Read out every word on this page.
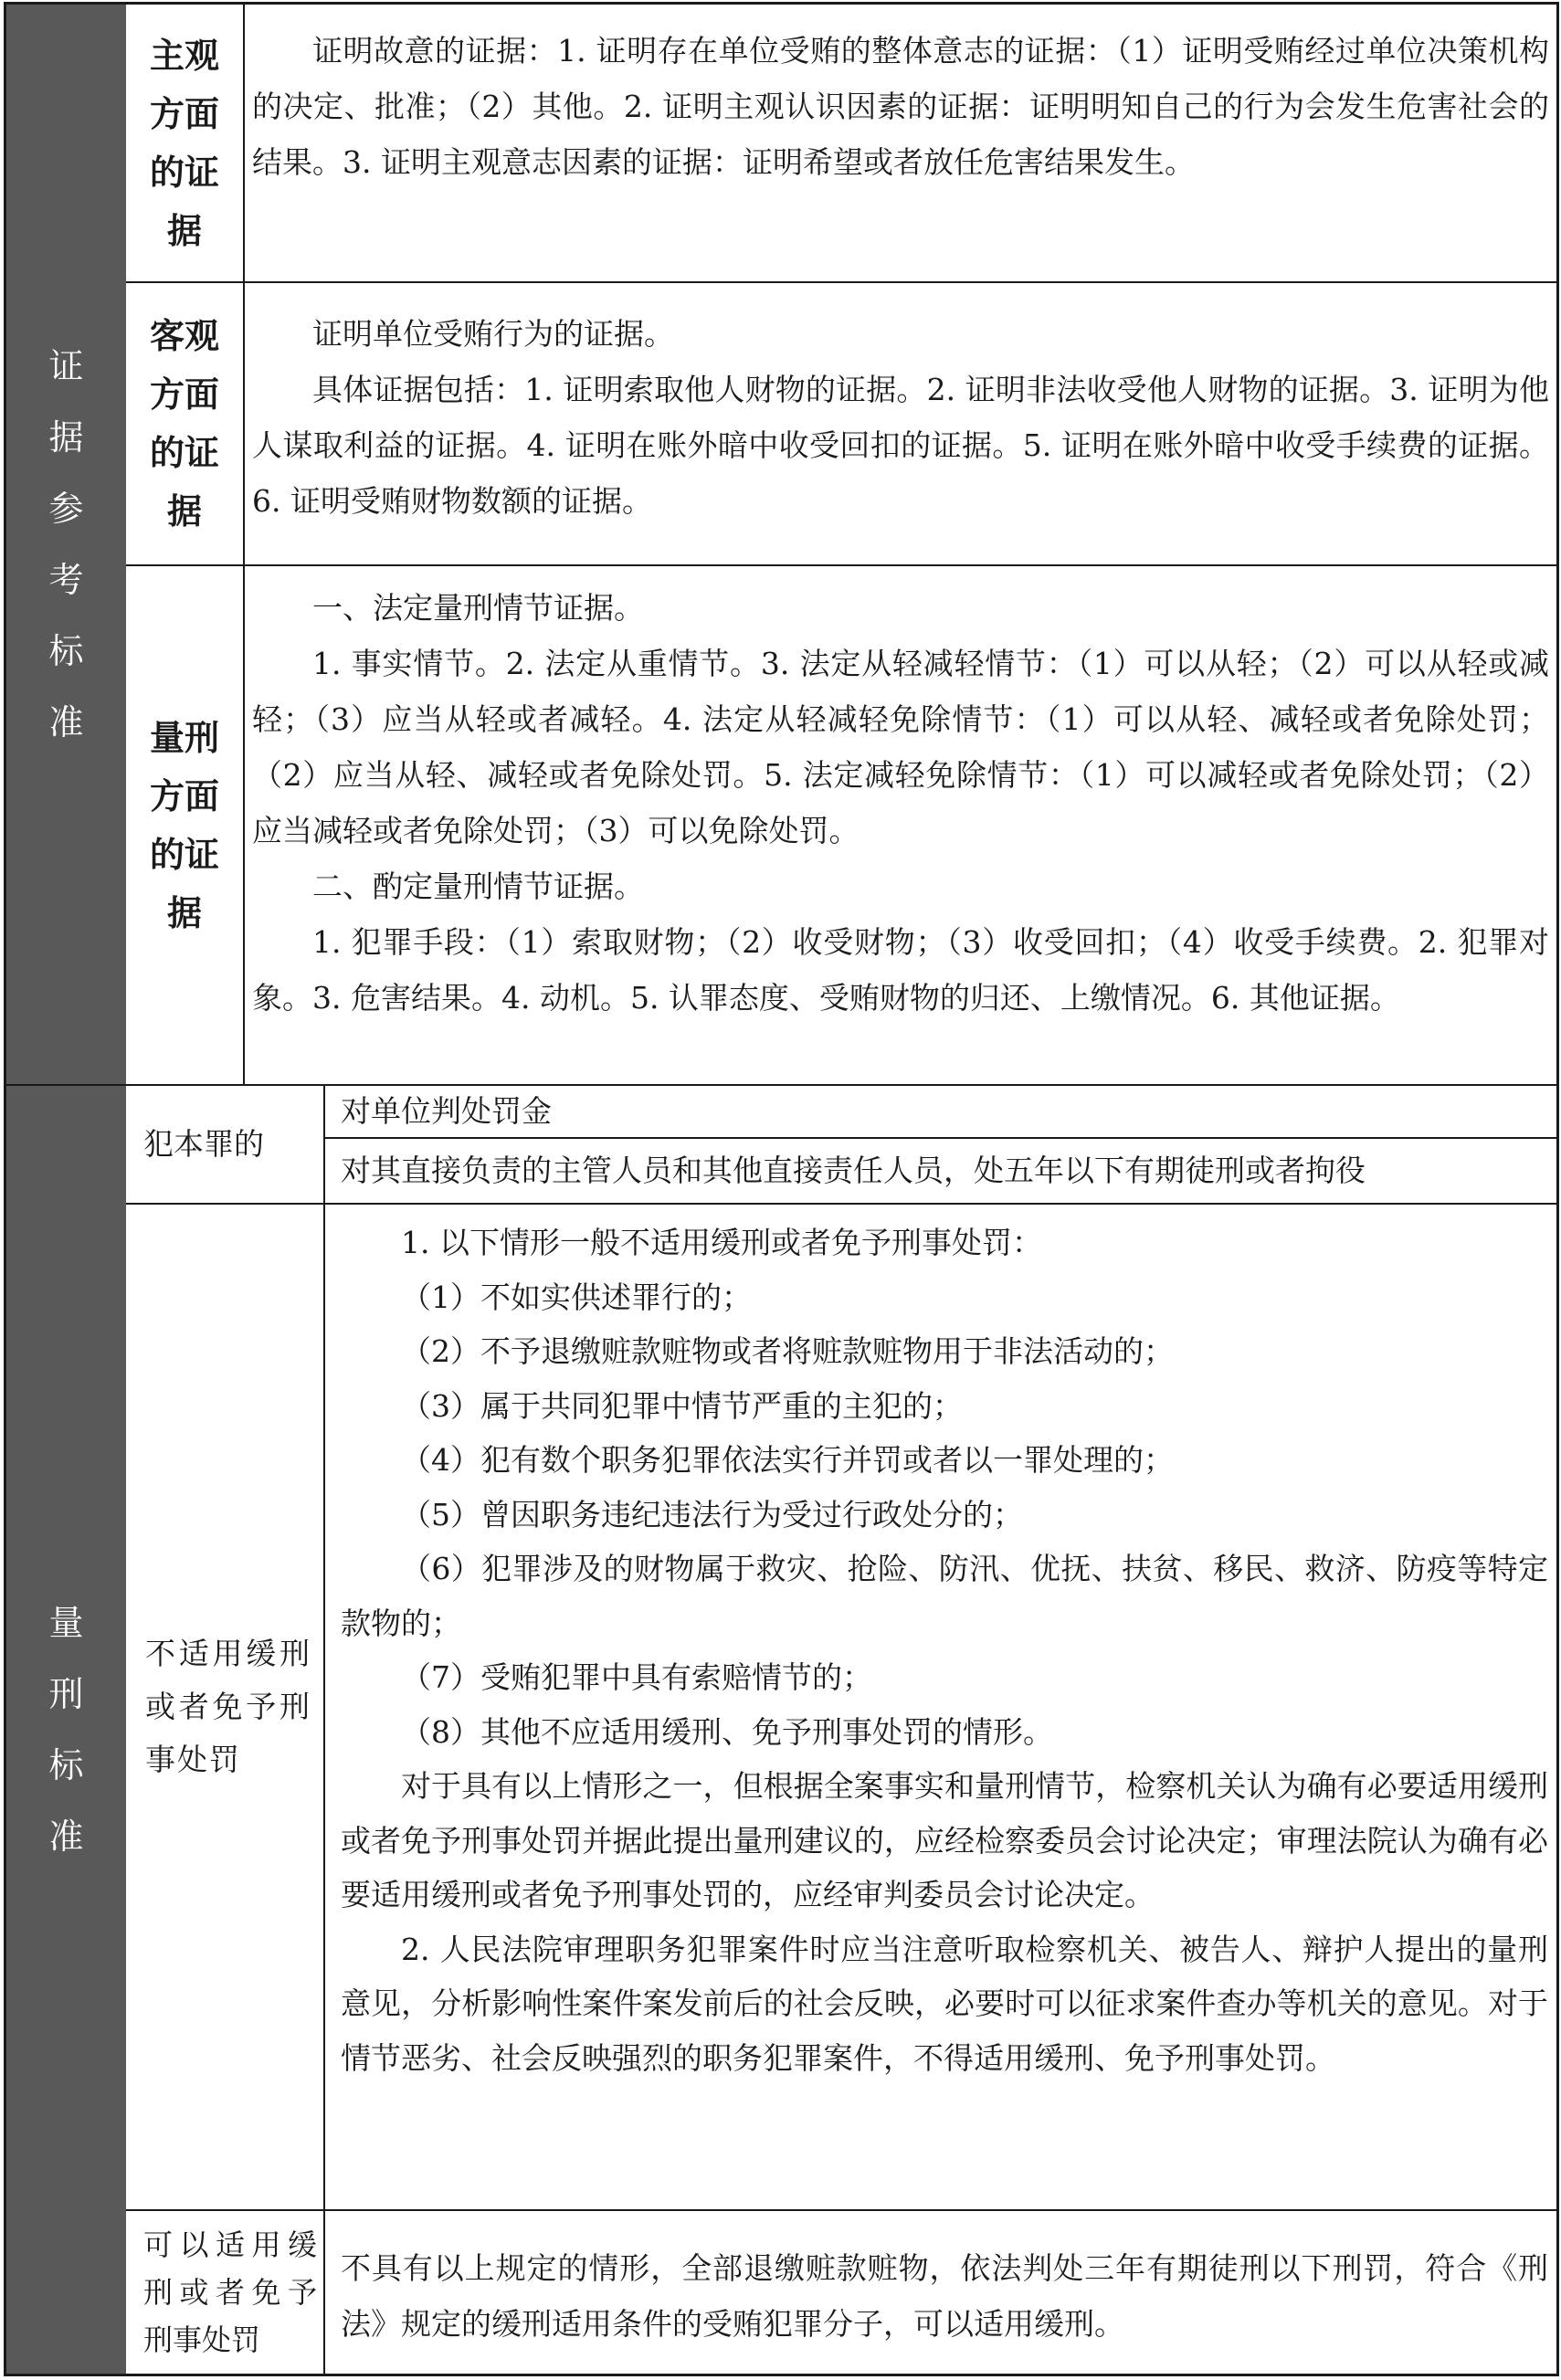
证据参考标准
量刑标准
主观方面的证据

证明故意的证据：1. 证明存在单位受贿的整体意志的证据：（1）证明受贿经过单位决策机构的决定、批准；（2）其他。2. 证明主观认识因素的证据：证明明知自己的行为会发生危害社会的结果。3. 证明主观意志因素的证据：证明希望或者放任危害结果发生。

客观方面的证据

证明单位受贿行为的证据。

具体证据包括：1. 证明索取他人财物的证据。2. 证明非法收受他人财物的证据。3. 证明为他人谋取利益的证据。4. 证明在账外暗中收受回扣的证据。5. 证明在账外暗中收受手续费的证据。6. 证明受贿财物数额的证据。

量刑方面的证据

一、法定量刑情节证据。

1. 事实情节。2. 法定从重情节。3. 法定从轻减轻情节：（1）可以从轻；（2）可以从轻或减轻；（3）应当从轻或者减轻。4. 法定从轻减轻免除情节：（1）可以从轻、减轻或者免除处罚；（2）应当从轻、减轻或者免除处罚。5. 法定减轻免除情节：（1）可以减轻或者免除处罚；（2）应当减轻或者免除处罚；（3）可以免除处罚。

二、酌定量刑情节证据。

1. 犯罪手段：（1）索取财物；（2）收受财物；（3）收受回扣；（4）收受手续费。2. 犯罪对象。3. 危害结果。4. 动机。5. 认罪态度、受贿财物的归还、上缴情况。6. 其他证据。

犯本罪的
对单位判处罚金
对其直接负责的主管人员和其他直接责任人员，处五年以下有期徒刑或者拘役
不适用缓刑或者免予刑事处罚

1. 以下情形一般不适用缓刑或者免予刑事处罚：

（1）不如实供述罪行的；

（2）不予退缴赃款赃物或者将赃款赃物用于非法活动的；

（3）属于共同犯罪中情节严重的主犯的；

（4）犯有数个职务犯罪依法实行并罚或者以一罪处理的；

（5）曾因职务违纪违法行为受过行政处分的；

（6）犯罪涉及的财物属于救灾、抢险、防汛、优抚、扶贫、移民、救济、防疫等特定款物的；

（7）受贿犯罪中具有索赔情节的；

（8）其他不应适用缓刑、免予刑事处罚的情形。

对于具有以上情形之一，但根据全案事实和量刑情节，检察机关认为确有必要适用缓刑或者免予刑事处罚并据此提出量刑建议的，应经检察委员会讨论决定；审理法院认为确有必要适用缓刑或者免予刑事处罚的，应经审判委员会讨论决定。

2. 人民法院审理职务犯罪案件时应当注意听取检察机关、被告人、辩护人提出的量刑意见，分析影响性案件案发前后的社会反映，必要时可以征求案件查办等机关的意见。对于情节恶劣、社会反映强烈的职务犯罪案件，不得适用缓刑、免予刑事处罚。

可以适用缓刑或者免予刑事处罚

不具有以上规定的情形，全部退缴赃款赃物，依法判处三年有期徒刑以下刑罚，符合《刑法》规定的缓刑适用条件的受贿犯罪分子，可以适用缓刑。
